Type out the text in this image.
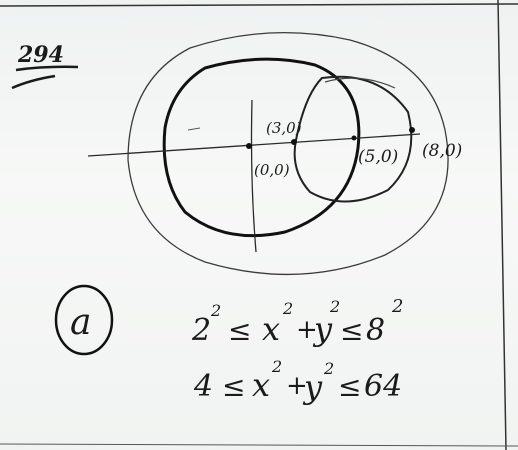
294
(0,0)
(3,0)
(5,0) (8,0)
a	2
2
≤ x
2
+
y
2
≤ 8
2
4 ≤ x 2
+
y 2
≤ 64
